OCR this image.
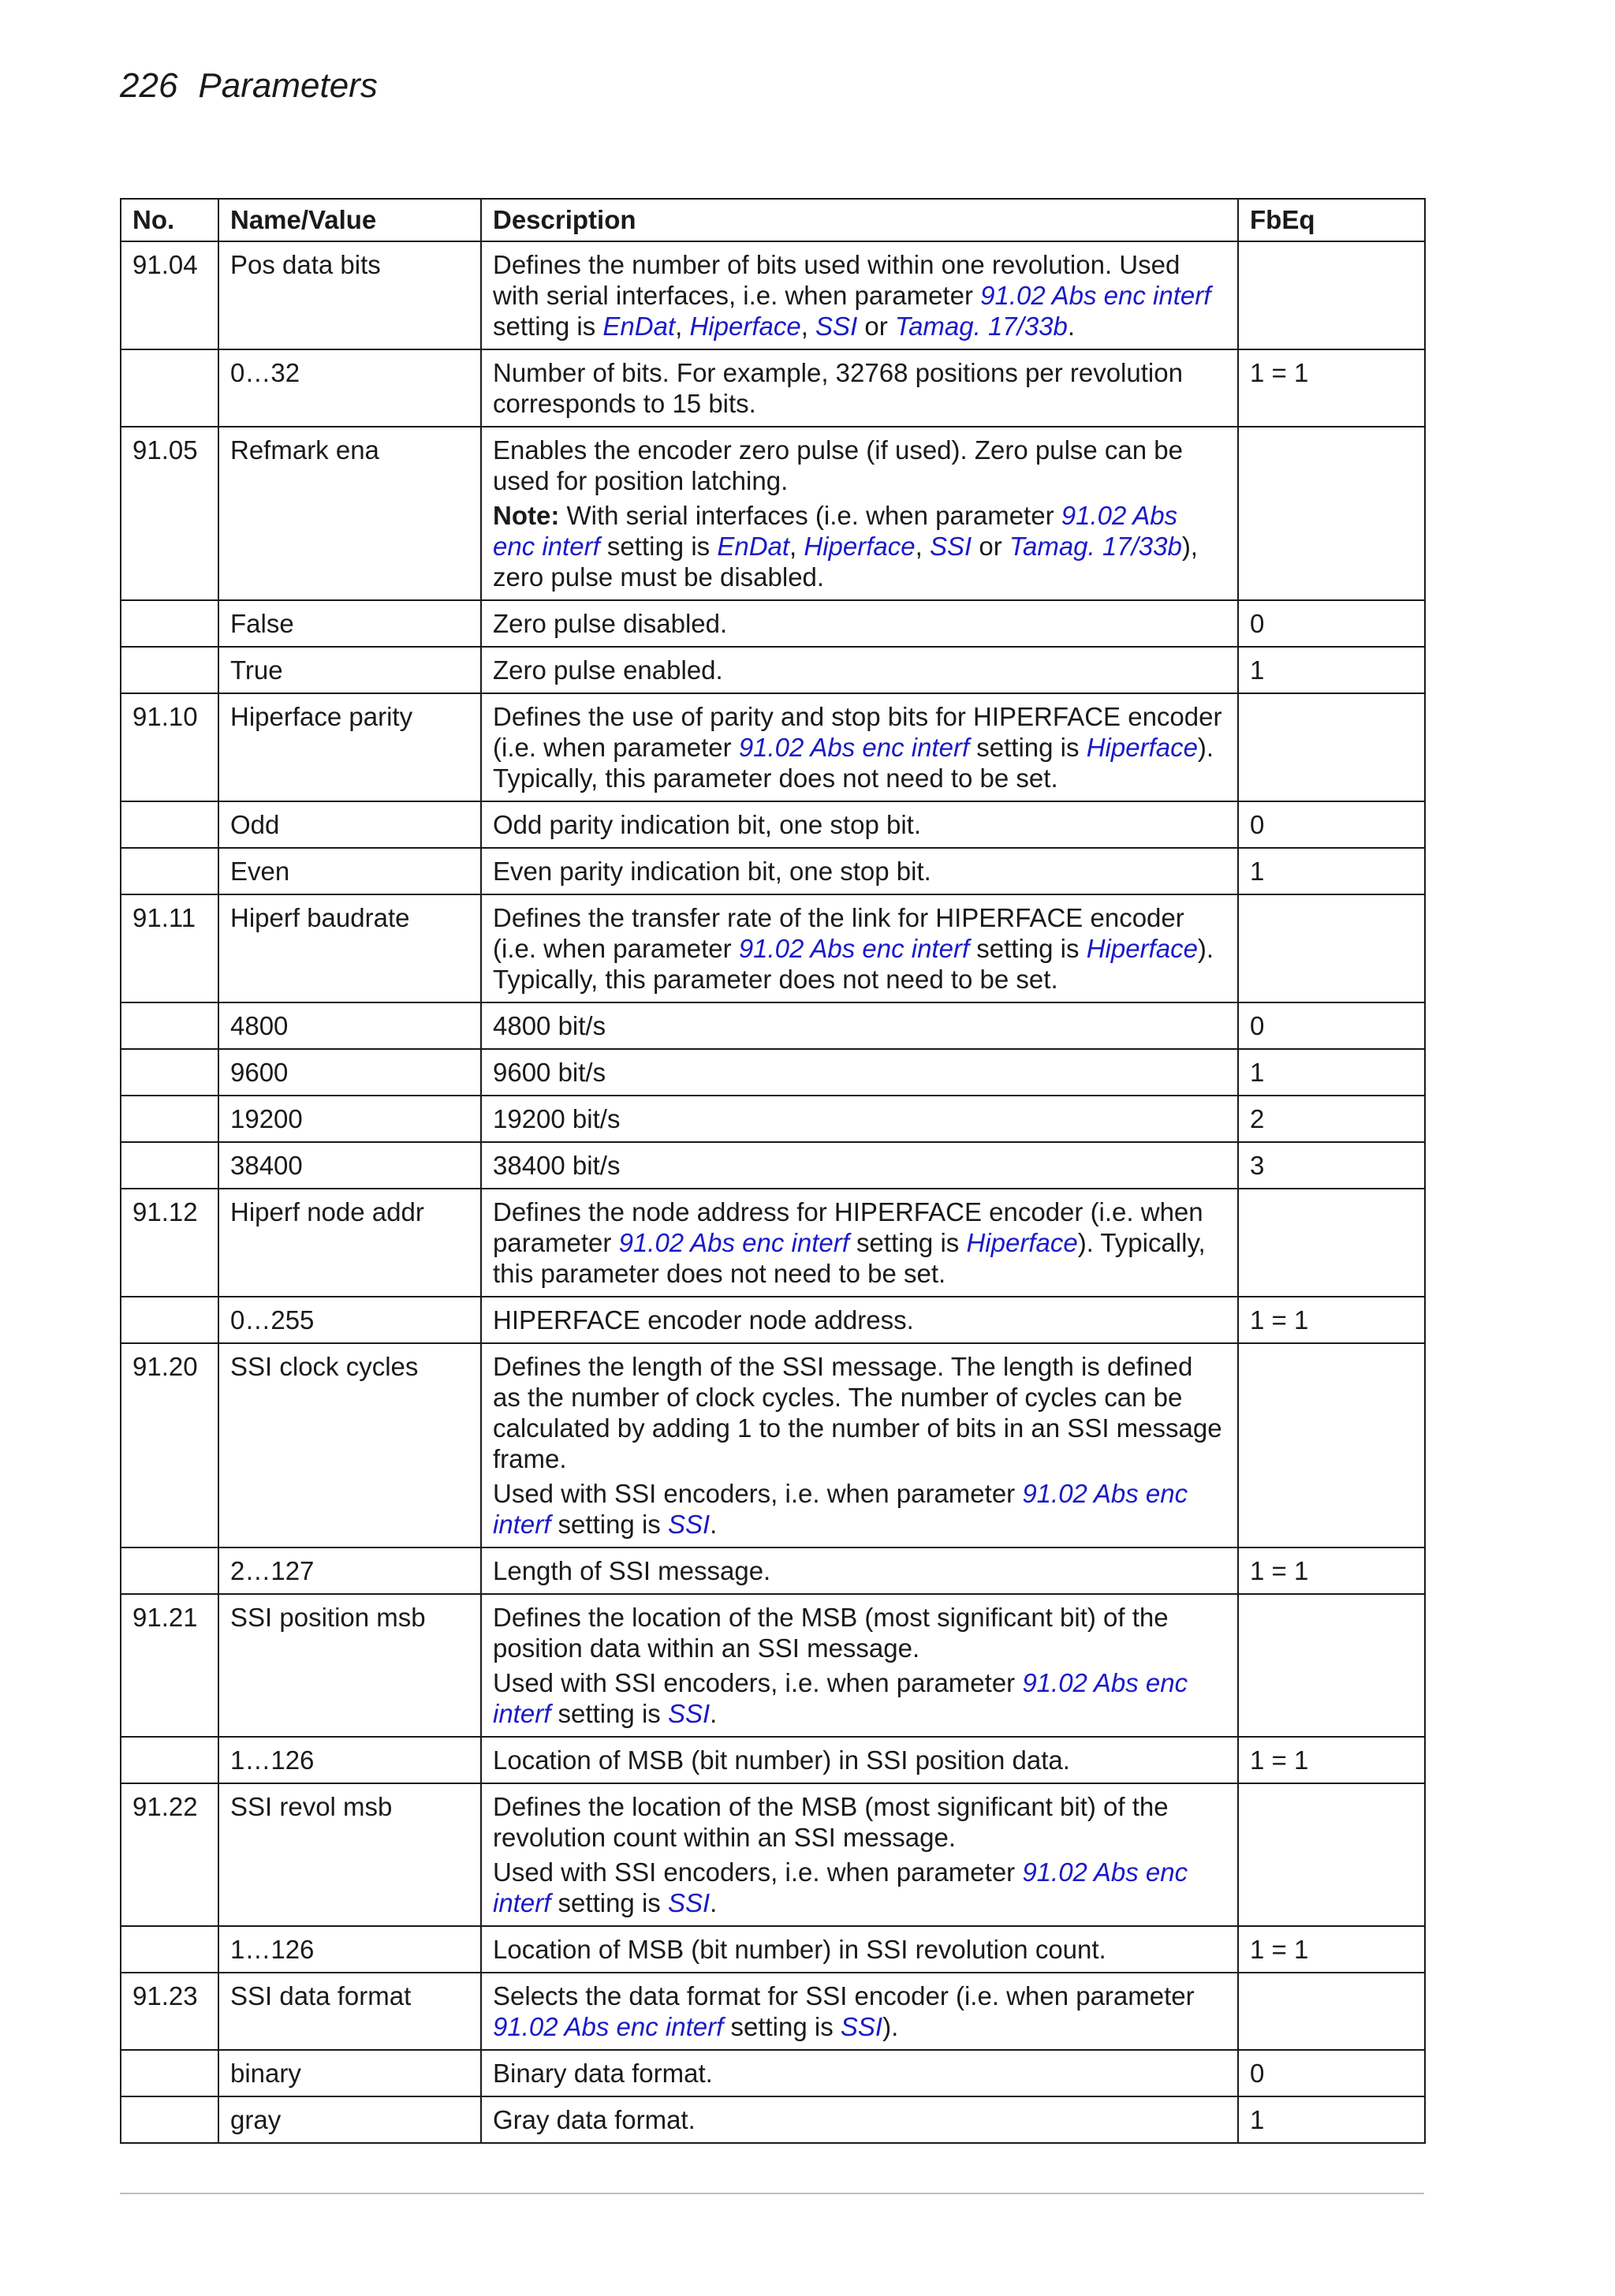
226 Parameters
No.	Name/Value	Description	FbEq
91.04	Pos data bits	Defines the number of bits used within one revolution. Used with serial interfaces, i.e. when parameter 91.02 Abs enc interf setting is EnDat, Hiperface, SSI or Tamag. 17/33b.	

	0…32	Number of bits. For example, 32768 positions per revolution corresponds to 15 bits.	1 = 1
91.05	Refmark ena	Enables the encoder zero pulse (if used). Zero pulse can be used for position latching.

Note: With serial interfaces (i.e. when parameter 91.02 Abs enc interf setting is EnDat, Hiperface, SSI or Tamag. 17/33b), zero pulse must be disabled.	

	False	Zero pulse disabled.	0
	True	Zero pulse enabled.	1
91.10	Hiperface parity	Defines the use of parity and stop bits for HIPERFACE encoder (i.e. when parameter 91.02 Abs enc interf setting is Hiperface). Typically, this parameter does not need to be set.	

	Odd	Odd parity indication bit, one stop bit.	0
	Even	Even parity indication bit, one stop bit.	1
91.11	Hiperf baudrate	Defines the transfer rate of the link for HIPERFACE encoder (i.e. when parameter 91.02 Abs enc interf setting is Hiperface). Typically, this parameter does not need to be set.	

	4800	4800 bit/s	0
	9600	9600 bit/s	1
	19200	19200 bit/s	2
	38400	38400 bit/s	3
91.12	Hiperf node addr	Defines the node address for HIPERFACE encoder (i.e. when parameter 91.02 Abs enc interf setting is Hiperface). Typically, this parameter does not need to be set.	

	0…255	HIPERFACE encoder node address.	1 = 1
91.20	SSI clock cycles	Defines the length of the SSI message. The length is defined as the number of clock cycles. The number of cycles can be calculated by adding 1 to the number of bits in an SSI message frame.

Used with SSI encoders, i.e. when parameter 91.02 Abs enc interf setting is SSI.	

	2…127	Length of SSI message.	1 = 1
91.21	SSI position msb	Defines the location of the MSB (most significant bit) of the position data within an SSI message.

Used with SSI encoders, i.e. when parameter 91.02 Abs enc interf setting is SSI.	

	1…126	Location of MSB (bit number) in SSI position data.	1 = 1
91.22	SSI revol msb	Defines the location of the MSB (most significant bit) of the revolution count within an SSI message.

Used with SSI encoders, i.e. when parameter 91.02 Abs enc interf setting is SSI.	

	1…126	Location of MSB (bit number) in SSI revolution count.	1 = 1
91.23	SSI data format	Selects the data format for SSI encoder (i.e. when parameter 91.02 Abs enc interf setting is SSI).	

	binary	Binary data format.	0
	gray	Gray data format.	1
